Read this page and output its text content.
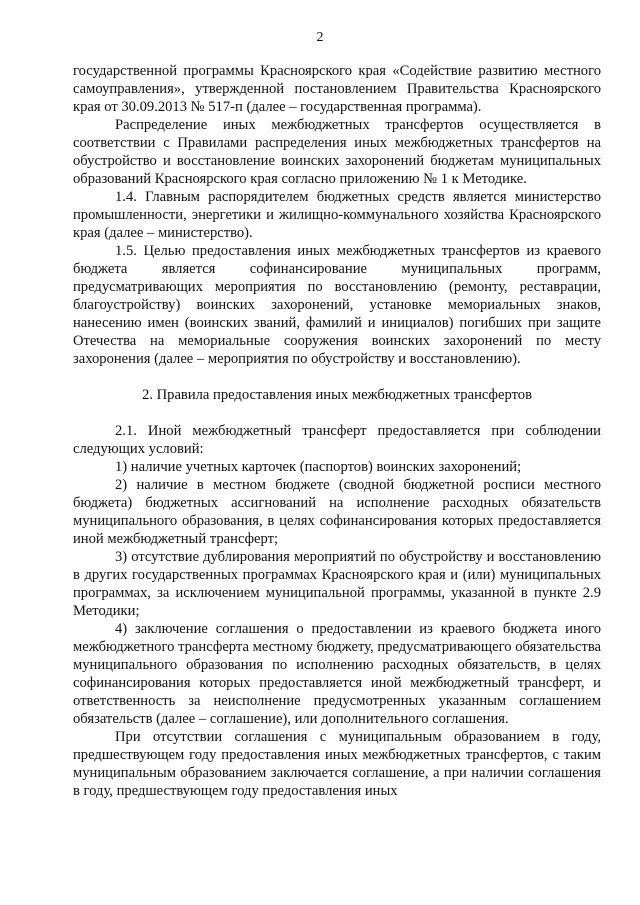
2

государственной программы Красноярского края «Содействие развитию местного самоуправления», утвержденной постановлением Правительства Красноярского края от 30.09.2013 № 517-п (далее – государственная программа).

Распределение иных межбюджетных трансфертов осуществляется в соответствии с Правилами распределения иных межбюджетных трансфертов на обустройство и восстановление воинских захоронений бюджетам муниципальных образований Красноярского края согласно приложению № 1 к Методике.

1.4. Главным распорядителем бюджетных средств является министерство промышленности, энергетики и жилищно-коммунального хозяйства Красноярского края (далее – министерство).

1.5. Целью предоставления иных межбюджетных трансфертов из краевого бюджета является софинансирование муниципальных программ, предусматривающих мероприятия по восстановлению (ремонту, реставрации, благоустройству) воинских захоронений, установке мемориальных знаков, нанесению имен (воинских званий, фамилий и инициалов) погибших при защите Отечества на мемориальные сооружения воинских захоронений по месту захоронения (далее – мероприятия по обустройству и восстановлению).

2. Правила предоставления иных межбюджетных трансфертов

2.1. Иной межбюджетный трансферт предоставляется при соблюдении следующих условий:

1) наличие учетных карточек (паспортов) воинских захоронений;

2) наличие в местном бюджете (сводной бюджетной росписи местного бюджета) бюджетных ассигнований на исполнение расходных обязательств муниципального образования, в целях софинансирования которых предоставляется иной межбюджетный трансферт;

3) отсутствие дублирования мероприятий по обустройству и восстановлению в других государственных программах Красноярского края и (или) муниципальных программах, за исключением муниципальной программы, указанной в пункте 2.9 Методики;

4) заключение соглашения о предоставлении из краевого бюджета иного межбюджетного трансферта местному бюджету, предусматривающего обязательства муниципального образования по исполнению расходных обязательств, в целях софинансирования которых предоставляется иной межбюджетный трансферт, и ответственность за неисполнение предусмотренных указанным соглашением обязательств (далее – соглашение), или дополнительного соглашения.

При отсутствии соглашения с муниципальным образованием в году, предшествующем году предоставления иных межбюджетных трансфертов, с таким муниципальным образованием заключается соглашение, а при наличии соглашения в году, предшествующем году предоставления иных
